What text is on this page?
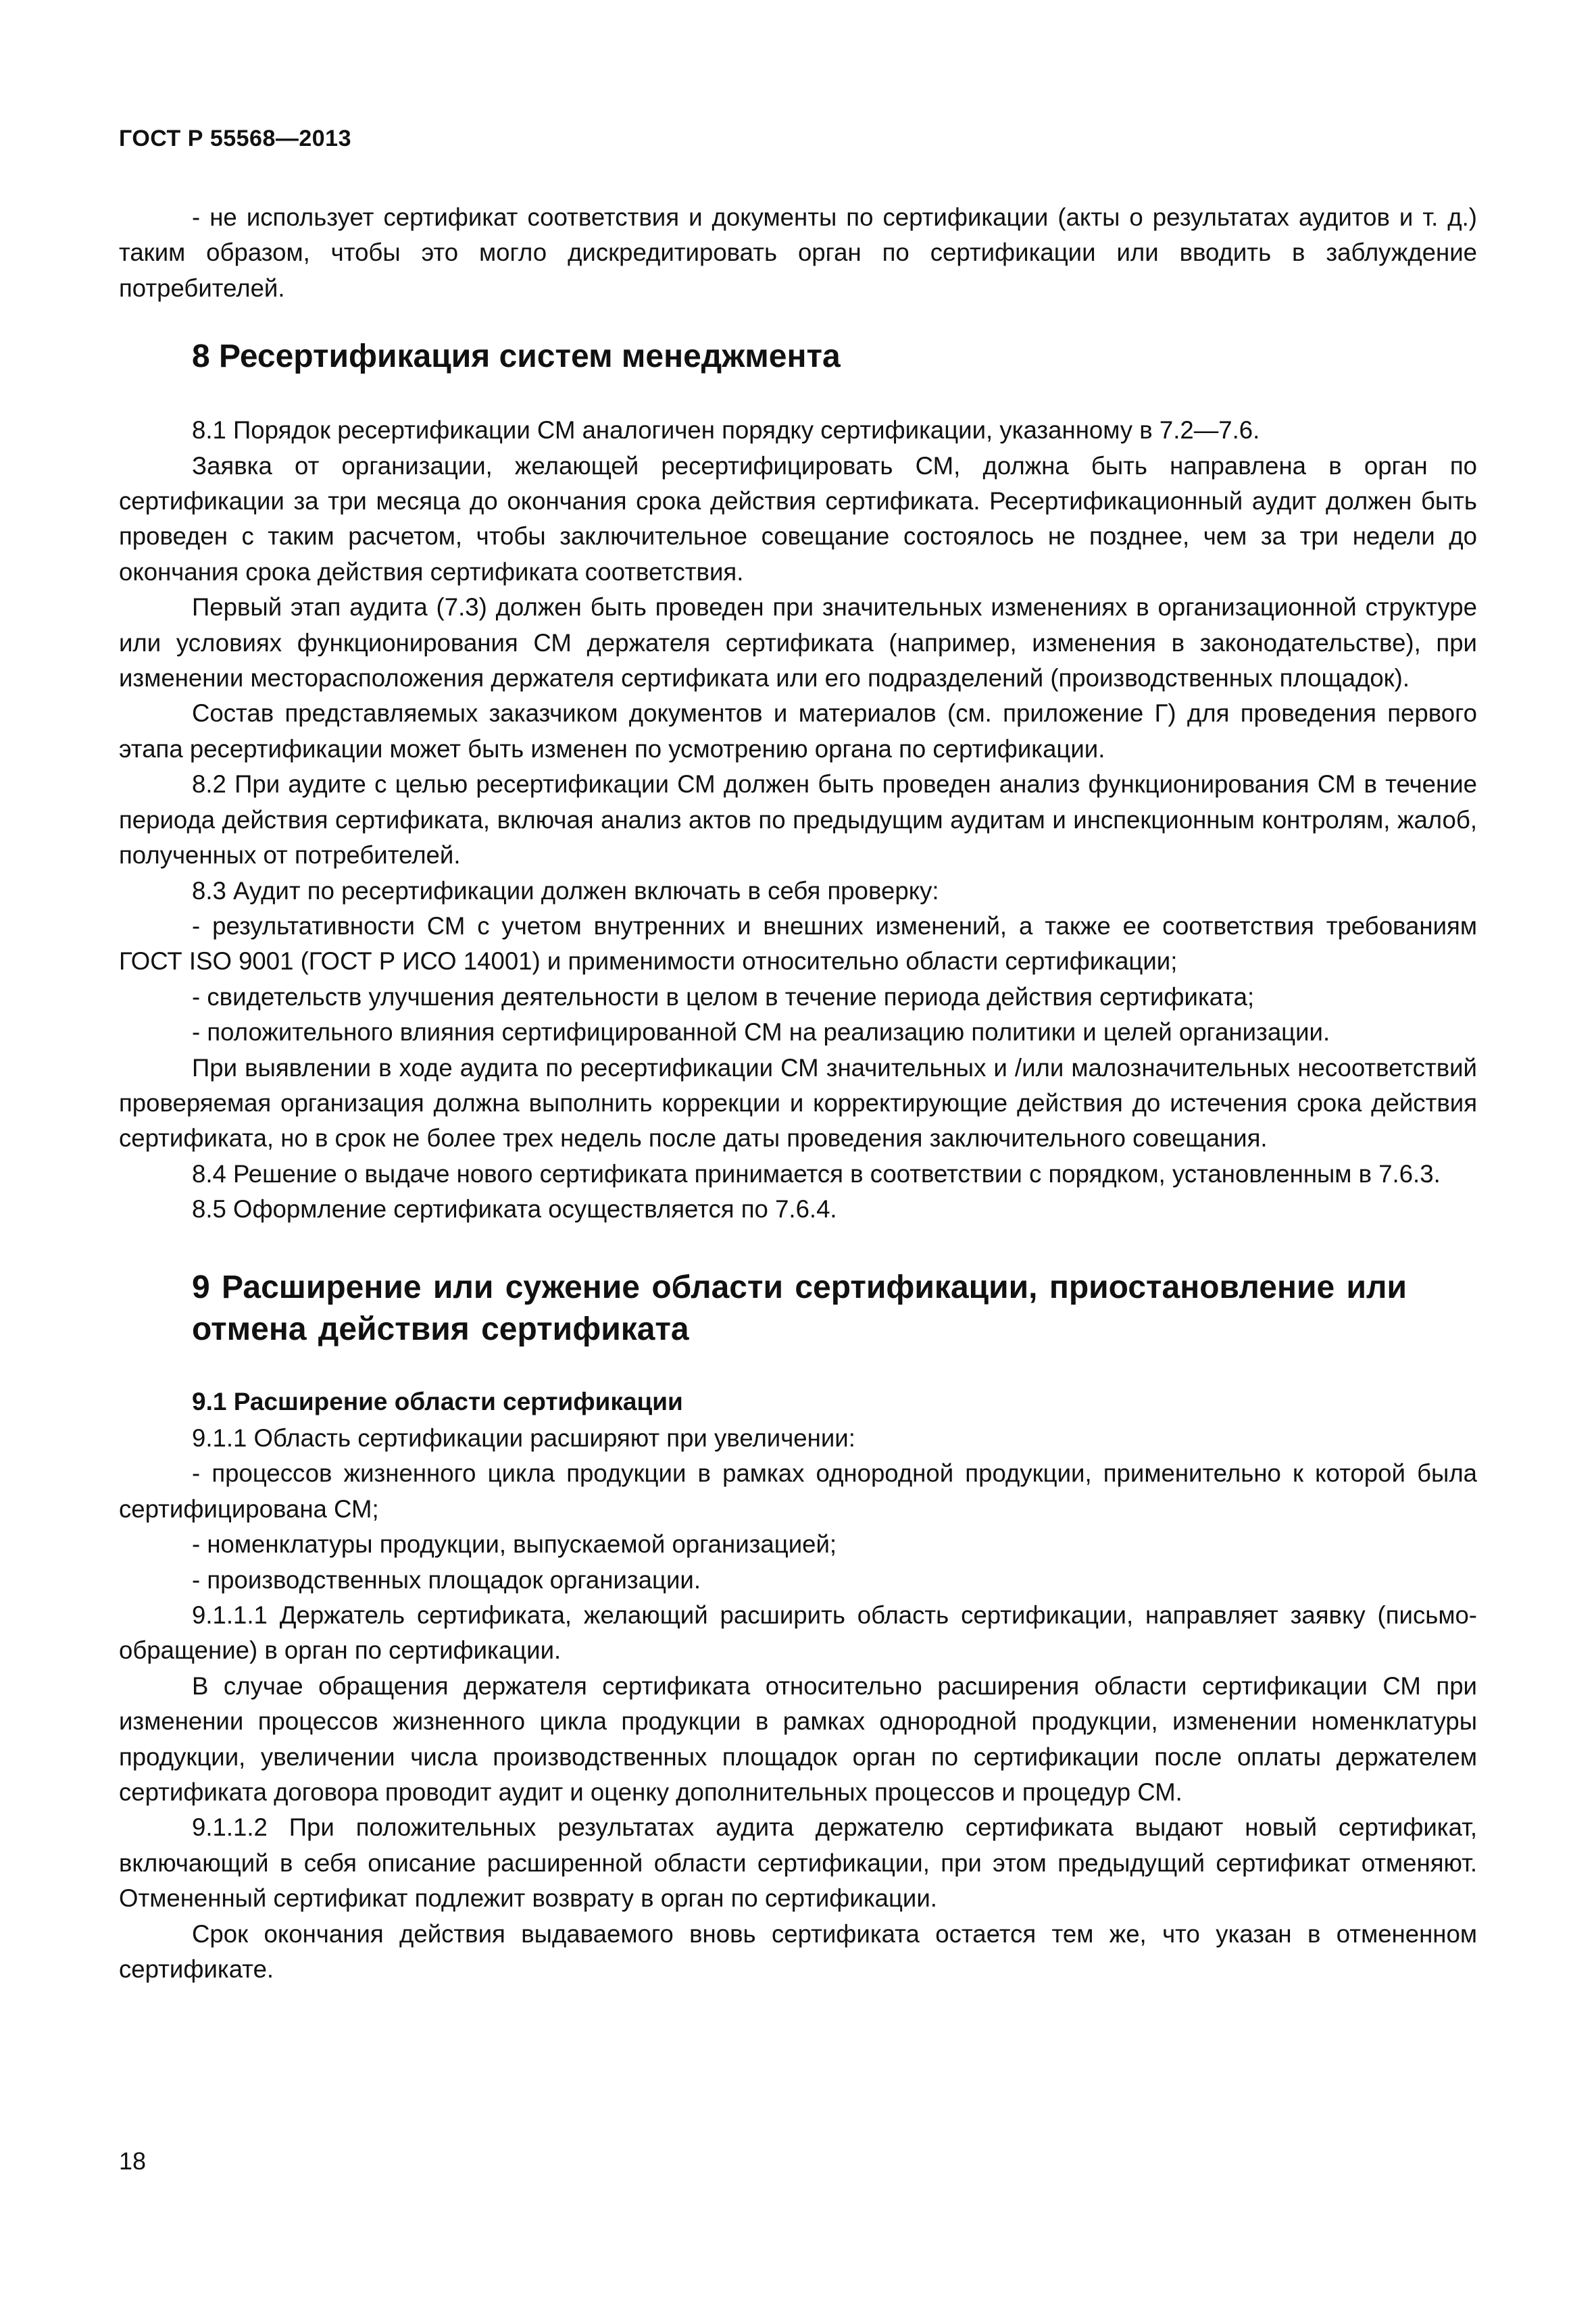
ГОСТ Р 55568—2013

- не использует сертификат соответствия и документы по сертификации (акты о результатах аудитов и т. д.) таким образом, чтобы это могло дискредитировать орган по сертификации или вводить в заблуждение потребителей.

8 Ресертификация систем менеджмента

8.1 Порядок ресертификации СМ аналогичен порядку сертификации, указанному в 7.2—7.6.

Заявка от организации, желающей ресертифицировать СМ, должна быть направлена в орган по сертификации за три месяца до окончания срока действия сертификата. Ресертификационный аудит должен быть проведен с таким расчетом, чтобы заключительное совещание состоялось не позднее, чем за три недели до окончания срока действия сертификата соответствия.

Первый этап аудита (7.3) должен быть проведен при значительных изменениях в организационной структуре или условиях функционирования СМ держателя сертификата (например, изменения в законодательстве), при изменении месторасположения держателя сертификата или его подразделений (производственных площадок).

Состав представляемых заказчиком документов и материалов (см. приложение Г) для проведения первого этапа ресертификации может быть изменен по усмотрению органа по сертификации.

8.2 При аудите с целью ресертификации СМ должен быть проведен анализ функционирования СМ в течение периода действия сертификата, включая анализ актов по предыдущим аудитам и инспекционным контролям, жалоб, полученных от потребителей.

8.3 Аудит по ресертификации должен включать в себя проверку:

- результативности СМ с учетом внутренних и внешних изменений, а также ее соответствия требованиям ГОСТ ISO 9001 (ГОСТ Р ИСО 14001) и применимости относительно области сертификации;

- свидетельств улучшения деятельности в целом в течение периода действия сертификата;

- положительного влияния сертифицированной СМ на реализацию политики и целей организации.

При выявлении в ходе аудита по ресертификации СМ значительных и /или малозначительных несоответствий проверяемая организация должна выполнить коррекции и корректирующие действия до истечения срока действия сертификата, но в срок не более трех недель после даты проведения заключительного совещания.

8.4 Решение о выдаче нового сертификата принимается в соответствии с порядком, установленным в 7.6.3.

8.5 Оформление сертификата осуществляется по 7.6.4.

9 Расширение или сужение области сертификации, приостановление или отмена действия сертификата
9.1 Расширение области сертификации

9.1.1 Область сертификации расширяют при увеличении:

- процессов жизненного цикла продукции в рамках однородной продукции, применительно к которой была сертифицирована СМ;

- номенклатуры продукции, выпускаемой организацией;

- производственных площадок организации.

9.1.1.1 Держатель сертификата, желающий расширить область сертификации, направляет заявку (письмо-обращение) в орган по сертификации.

В случае обращения держателя сертификата относительно расширения области сертификации СМ при изменении процессов жизненного цикла продукции в рамках однородной продукции, изменении номенклатуры продукции, увеличении числа производственных площадок орган по сертификации после оплаты держателем сертификата договора проводит аудит и оценку дополнительных процессов и процедур СМ.

9.1.1.2 При положительных результатах аудита держателю сертификата выдают новый сертификат, включающий в себя описание расширенной области сертификации, при этом предыдущий сертификат отменяют. Отмененный сертификат подлежит возврату в орган по сертификации.

Срок окончания действия выдаваемого вновь сертификата остается тем же, что указан в отмененном сертификате.

18
